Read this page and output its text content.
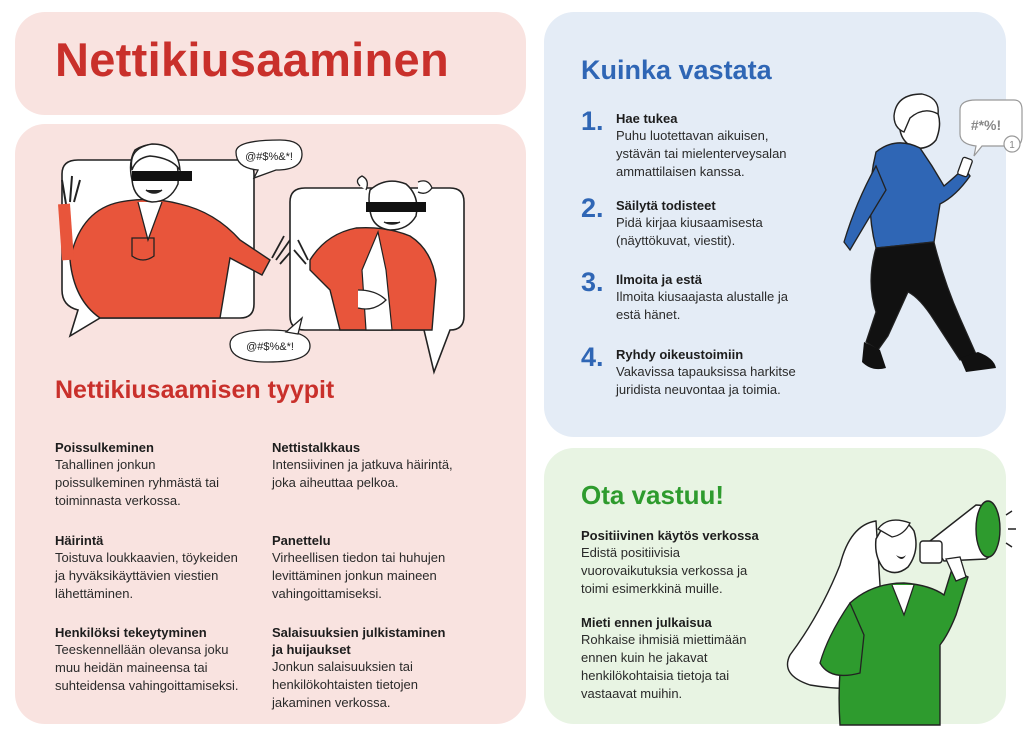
Nettikiusaaminen
@#$%&*!
@#$%&*!
Nettikiusaamisen tyypit
Poissulkeminen
Tahallinen jonkun
poissulkeminen ryhmästä tai
toiminnasta verkossa.
Nettistalkkaus
Intensiivinen ja jatkuva häirintä,
joka aiheuttaa pelkoa.
Häirintä
Toistuva loukkaavien, töykeiden
ja hyväksikäyttävien viestien
lähettäminen.
Panettelu
Virheellisen tiedon tai huhujen
levittäminen jonkun maineen
vahingoittamiseksi.
Henkilöksi tekeytyminen
Teeskennellään olevansa joku
muu heidän maineensa tai
suhteidensa vahingoittamiseksi.
Salaisuuksien julkistaminen
ja huijaukset
Jonkun salaisuuksien tai
henkilökohtaisten tietojen
jakaminen verkossa.
Kuinka vastata
1. Hae tukea
Puhu luotettavan aikuisen,
ystävän tai mielenterveysalan
ammattilaisen kanssa.
2. Säilytä todisteet
Pidä kirjaa kiusaamisesta
(näyttökuvat, viestit).
3. Ilmoita ja estä
Ilmoita kiusaajasta alustalle ja
estä hänet.
4. Ryhdy oikeustoimiin
Vakavissa tapauksissa harkitse
juridista neuvontaa ja toimia.
#*%!
1
Ota vastuu!
Positiivinen käytös verkossa
Edistä positiivisia
vuorovaikutuksia verkossa ja
toimi esimerkkinä muille.
Mieti ennen julkaisua
Rohkaise ihmisiä miettimään
ennen kuin he jakavat
henkilökohtaisia tietoja tai
vastaavat muihin.
